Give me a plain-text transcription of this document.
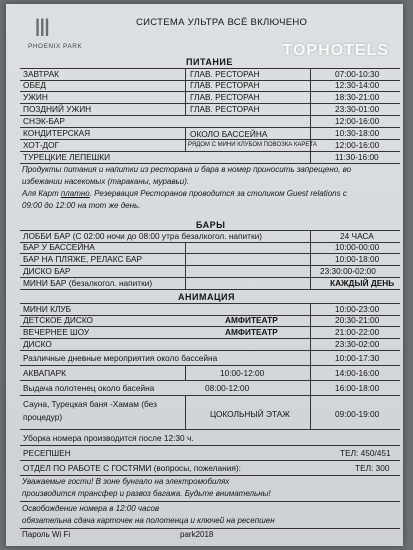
Ⅲ
PHOENIX PARK
СИСТЕМА УЛЬТРА ВСЁ ВКЛЮЧЕНО
TOPHOTELS
ПИТАНИЕ
ЗАВТРАК	ГЛАВ. РЕСТОРАН	07:00-10:30
ОБЕД	ГЛАВ. РЕСТОРАН	12:30-14:00
УЖИН	ГЛАВ. РЕСТОРАН	18:30-21:00
ПОЗДНИЙ УЖИН	ГЛАВ. РЕСТОРАН	23:30-01:00
СНЭК-БАР	12:00-16:00
КОНДИТЕРСКАЯ	ОКОЛО БАССЕЙНА	10:30-18:00
ХОТ-ДОГ	РЯДОМ С МИНИ КЛУБОМ ПОВОЗКА КАРЕТА 12:00-16:00
ТУРЕЦКИЕ ЛЕПЕШКИ	11:30-16:00
Продукты питания и напитки из ресторана и бара в номер приносить запрещено, во
избежании насекомых (тараканы, муравьи).
Аля Карт платно. Резервация Ресторанов проводится за столиком Guest relations с
09:00 до 12:00 на тот же день.
БАРЫ
ЛОББИ БАР (С 02:00 ночи до 08:00 утра безалкогол. напитки)	24 ЧАСА
БАР У БАССЕЙНА	10:00-00:00
БАР НА ПЛЯЖЕ, РЕЛАКС БАР	10:00-18:00
ДИСКО БАР	23:30:00-02:00
МИНИ БАР (безалкогол. напитки)	КАЖДЫЙ ДЕНЬ
АНИМАЦИЯ
МИНИ КЛУБ	10:00-23:00
ДЕТСКОЕ ДИСКО	АМФИТЕАТР	20:30-21:00
ВЕЧЕРНЕЕ ШОУ	АМФИТЕАТР	21:00-22:00
ДИСКО	23:30-02:00
Различные дневные мероприятия около бассейна	10:00-17:30
АКВАПАРК	10:00-12:00	14:00-16:00
Выдача полотенец около басейна	08:00-12:00	16:00-18:00
Сауна, Турецкая баня -Хамам (без
процедур)	ЦОКОЛЬНЫЙ ЭТАЖ	09:00-19:00
Уборка номера производится после 12:30 ч.
РЕСЕПШЕН	ТЕЛ: 450/451
ОТДЕЛ ПО РАБОТЕ С ГОСТЯМИ (вопросы, пожелания):	ТЕЛ: 300
Уважаемые гости! В зоне бунгало на электромобилях
производится трансфер и развоз багажа. Будьте внимательны!
Освобождение номера в 12:00 часов
обязательна сдача карточек на полотенца и ключей на ресепшен
Пароль Wi Fi	park2018
